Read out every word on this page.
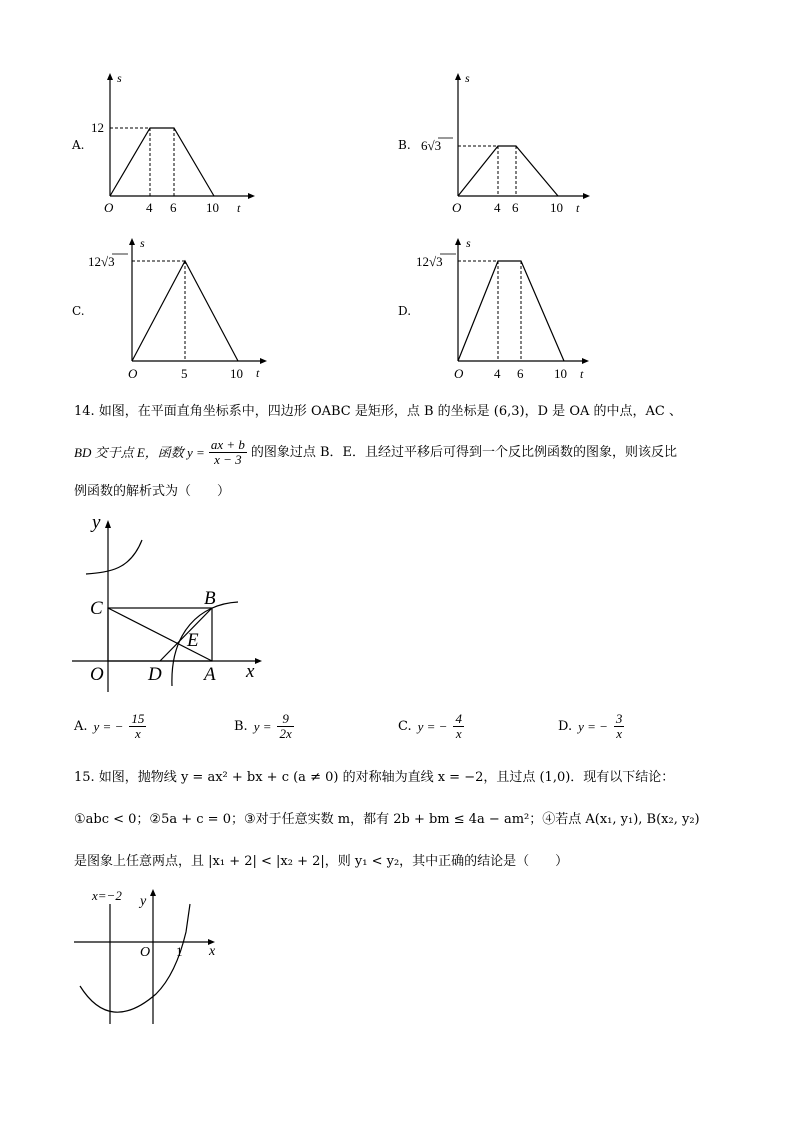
A.
s
t
O
12
4 6 10
B.
s
t
O
6√3
4 6 10
C.
s
t
O
12√3
5	10
D.
s
t
O
12√3
4 6 10
14. 如图，在平面直角坐标系中，四边形 OABC 是矩形，点 B 的坐标是 (6,3)，D 是 OA 的中点，AC 、
BD 交于点 E，函数 $y = \frac{ax + b}{x - 3}$ 的图象过点 B．E．且经过平移后可得到一个反比例函数的图象，则该反比
例函数的解析式为（　　）
y
x
O
C	B
E
D A
A. y = − $\frac{15}{x}$	B. $y = \frac{9}{2x}$	C. y = − $\frac{4}{x}$	D. y = − $\frac{3}{x}$
15. 如图，抛物线 y = ax² + bx + c (a ≠ 0) 的对称轴为直线 x = −2，且过点 (1,0)．现有以下结论：
①abc < 0；②5a + c = 0；③对于任意实数 m，都有 2b + bm ≤ 4a − am²；④若点 A(x₁, y₁), B(x₂, y₂)
是图象上任意两点，且 |x₁ + 2| < |x₂ + 2|，则 y₁ < y₂，其中正确的结论是（　　）
x=−2 y
x
O 1
